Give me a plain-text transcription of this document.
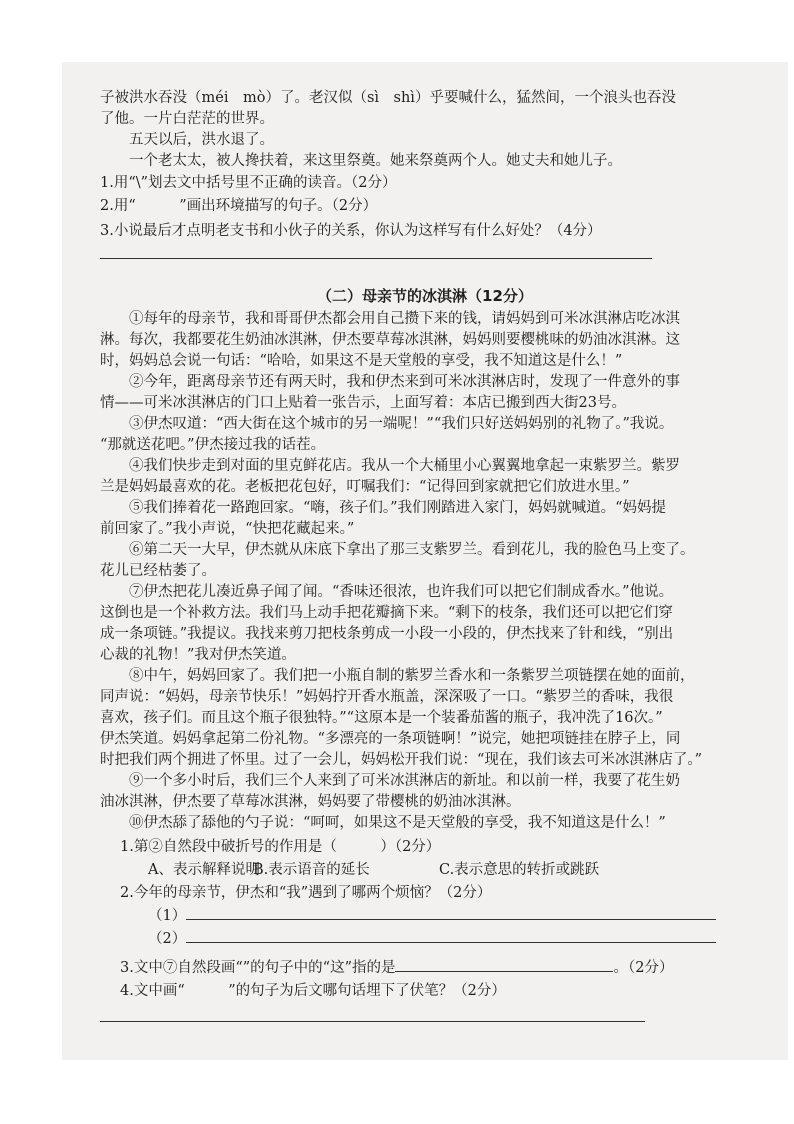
子被洪水吞没（méi　mò）了。老汉似（sì　shì）乎要喊什么，猛然间，一个浪头也吞没
了他。一片白茫茫的世界。
五天以后，洪水退了。
一个老太太，被人搀扶着，来这里祭奠。她来祭奠两个人。她丈夫和她儿子。
1.用“\”划去文中括号里不正确的读音。（2分）
2.用“　　　”画出环境描写的句子。（2分）
3.小说最后才点明老支书和小伙子的关系，你认为这样写有什么好处？（4分）
（二）母亲节的冰淇淋（12分）
①每年的母亲节，我和哥哥伊杰都会用自己攒下来的钱，请妈妈到可米冰淇淋店吃冰淇
淋。每次，我都要花生奶油冰淇淋，伊杰要草莓冰淇淋，妈妈则要樱桃味的奶油冰淇淋。这
时，妈妈总会说一句话：“哈哈，如果这不是天堂般的享受，我不知道这是什么！”
②今年，距离母亲节还有两天时，我和伊杰来到可米冰淇淋店时，发现了一件意外的事
情——可米冰淇淋店的门口上贴着一张告示，上面写着：本店已搬到西大街23号。
③伊杰叹道：“西大街在这个城市的另一端呢！”“我们只好送妈妈别的礼物了。”我说。
“那就送花吧。”伊杰接过我的话茬。
④我们快步走到对面的里克鲜花店。我从一个大桶里小心翼翼地拿起一束紫罗兰。紫罗
兰是妈妈最喜欢的花。老板把花包好，叮嘱我们：“记得回到家就把它们放进水里。”
⑤我们捧着花一路跑回家。“嗨，孩子们。”我们刚踏进入家门，妈妈就喊道。“妈妈提
前回家了。”我小声说，“快把花藏起来。”
⑥第二天一大早，伊杰就从床底下拿出了那三支紫罗兰。看到花儿，我的脸色马上变了。
花儿已经枯萎了。
⑦伊杰把花儿凑近鼻子闻了闻。“香味还很浓，也许我们可以把它们制成香水。”他说。
这倒也是一个补救方法。我们马上动手把花瓣摘下来。“剩下的枝条，我们还可以把它们穿
成一条项链。”我提议。我找来剪刀把枝条剪成一小段一小段的，伊杰找来了针和线，“别出
心裁的礼物！”我对伊杰笑道。
⑧中午，妈妈回家了。我们把一小瓶自制的紫罗兰香水和一条紫罗兰项链摆在她的面前，
同声说：“妈妈，母亲节快乐！”妈妈拧开香水瓶盖，深深吸了一口。“紫罗兰的香味，我很
喜欢，孩子们。而且这个瓶子很独特。”“这原本是一个装番茄酱的瓶子，我冲洗了16次。”
伊杰笑道。妈妈拿起第二份礼物。“多漂亮的一条项链啊！”说完，她把项链挂在脖子上，同
时把我们两个拥进了怀里。过了一会儿，妈妈松开我们说：“现在，我们该去可米冰淇淋店了。”
⑨一个多小时后，我们三个人来到了可米冰淇淋店的新址。和以前一样，我要了花生奶
油冰淇淋，伊杰要了草莓冰淇淋，妈妈要了带樱桃的奶油冰淇淋。
⑩伊杰舔了舔他的勺子说：“呵呵，如果这不是天堂般的享受，我不知道这是什么！”
1.第②自然段中破折号的作用是（　　　）（2分）
A、表示解释说明
B.表示语音的延长	C.表示意思的转折或跳跃
2.今年的母亲节，伊杰和“我”遇到了哪两个烦恼？（2分）
（1）
（2）
3.文中⑦自然段画“”的句子中的“这”指的是	。（2分）
4.文中画“　　　”的句子为后文哪句话埋下了伏笔？（2分）
